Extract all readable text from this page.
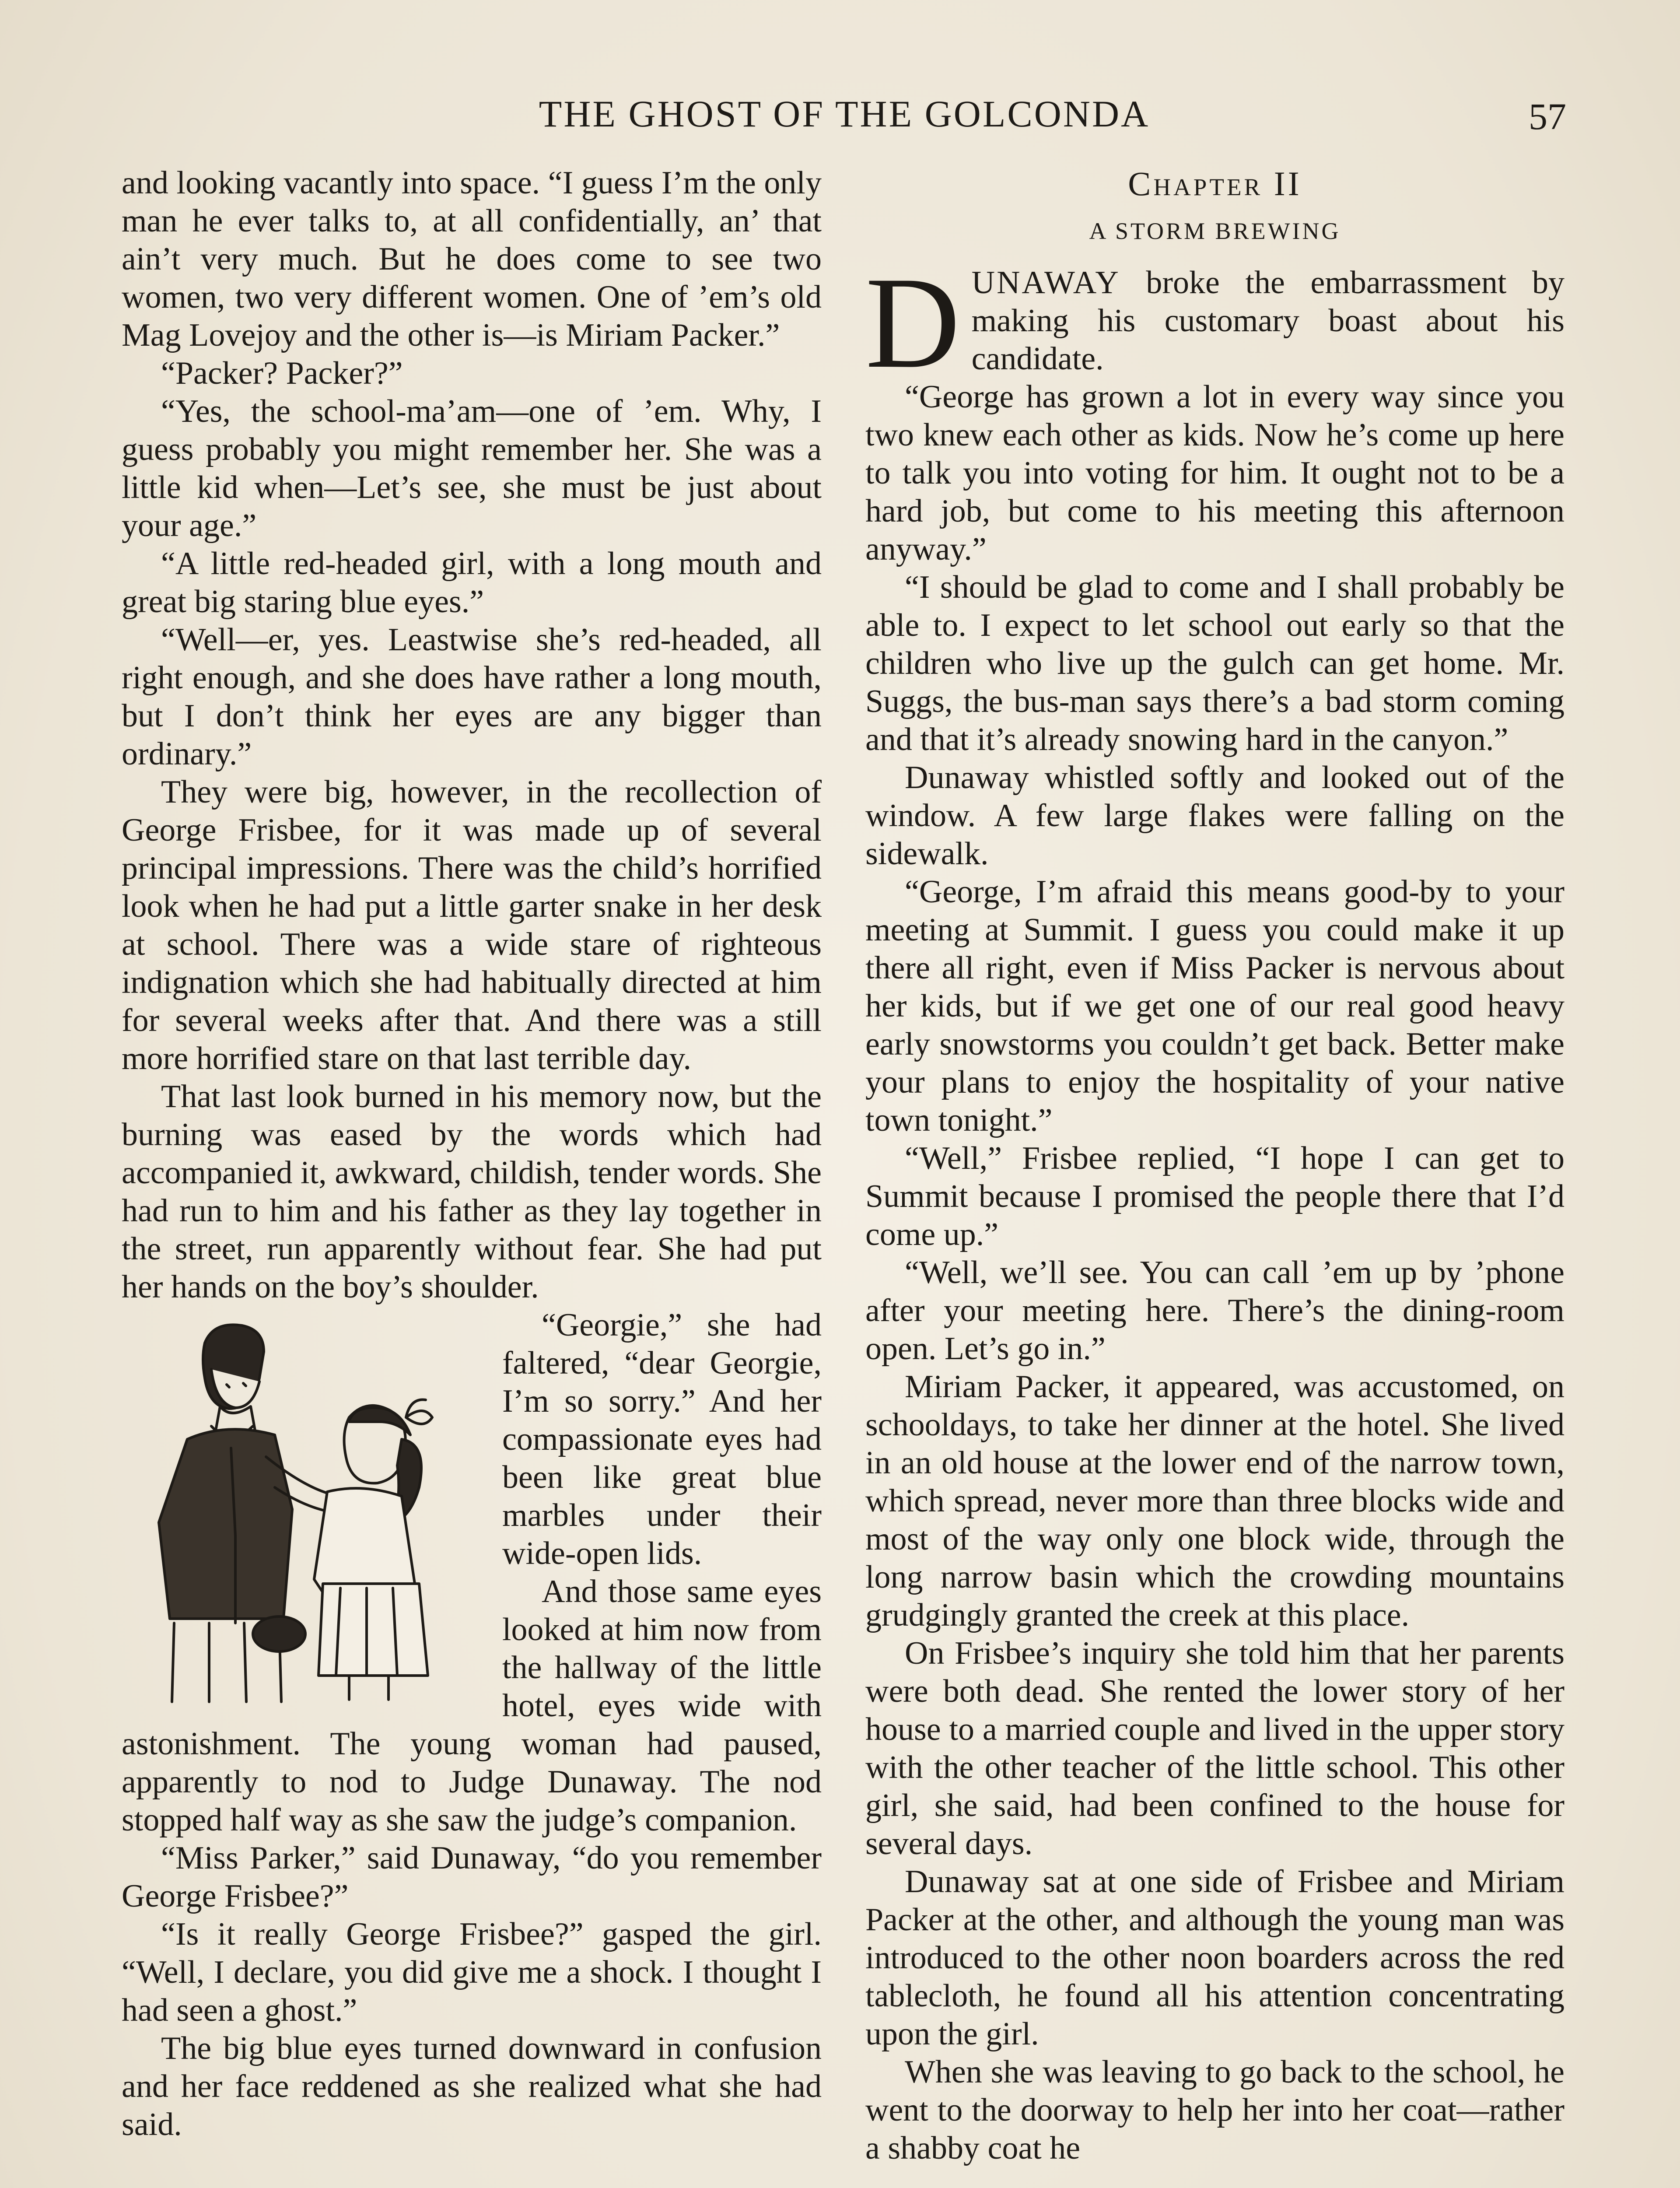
THE GHOST OF THE GOLCONDA	57

and looking vacantly into space. “I guess I’m the only man he ever talks to, at all confidentially, an’ that ain’t very much. But he does come to see two women, two very different women. One of ’em’s old Mag Lovejoy and the other is—is Miriam Packer.”

“Packer? Packer?”

“Yes, the school-ma’am—one of ’em. Why, I guess probably you might remember her. She was a little kid when—Let’s see, she must be just about your age.”

“A little red-headed girl, with a long mouth and great big staring blue eyes.”

“Well—er, yes. Leastwise she’s red-headed, all right enough, and she does have rather a long mouth, but I don’t think her eyes are any bigger than ordinary.”

They were big, however, in the recollection of George Frisbee, for it was made up of several principal impressions. There was the child’s horrified look when he had put a little garter snake in her desk at school. There was a wide stare of righteous indignation which she had habitually directed at him for several weeks after that. And there was a still more horrified stare on that last terrible day.

That last look burned in his memory now, but the burning was eased by the words which had accompanied it, awkward, childish, tender words. She had run to him and his father as they lay together in the street, run apparently without fear. She had put her hands on the boy’s shoulder.

“Georgie,” she had faltered, “dear Georgie, I’m so sorry.” And her compassionate eyes had been like great blue marbles under their wide-open lids.

And those same eyes looked at him now from the hallway of the little hotel, eyes wide with astonishment. The young woman had paused, apparently to nod to Judge Dunaway. The nod stopped half way as she saw the judge’s companion.

“Miss Parker,” said Dunaway, “do you remember George Frisbee?”

“Is it really George Frisbee?” gasped the girl. “Well, I declare, you did give me a shock. I thought I had seen a ghost.”

The big blue eyes turned downward in confusion and her face reddened as she realized what she had said.

Chapter II
A STORM BREWING

DUNAWAY broke the embarrassment by making his customary boast about his candidate.

“George has grown a lot in every way since you two knew each other as kids. Now he’s come up here to talk you into voting for him. It ought not to be a hard job, but come to his meeting this afternoon anyway.”

“I should be glad to come and I shall probably be able to. I expect to let school out early so that the children who live up the gulch can get home. Mr. Suggs, the bus-man says there’s a bad storm coming and that it’s already snowing hard in the canyon.”

Dunaway whistled softly and looked out of the window. A few large flakes were falling on the sidewalk.

“George, I’m afraid this means good-by to your meeting at Summit. I guess you could make it up there all right, even if Miss Packer is nervous about her kids, but if we get one of our real good heavy early snowstorms you couldn’t get back. Better make your plans to enjoy the hospitality of your native town tonight.”

“Well,” Frisbee replied, “I hope I can get to Summit because I promised the people there that I’d come up.”

“Well, we’ll see. You can call ’em up by ’phone after your meeting here. There’s the dining-room open. Let’s go in.”

Miriam Packer, it appeared, was accustomed, on schooldays, to take her dinner at the hotel. She lived in an old house at the lower end of the narrow town, which spread, never more than three blocks wide and most of the way only one block wide, through the long narrow basin which the crowding mountains grudgingly granted the creek at this place.

On Frisbee’s inquiry she told him that her parents were both dead. She rented the lower story of her house to a married couple and lived in the upper story with the other teacher of the little school. This other girl, she said, had been confined to the house for several days.

Dunaway sat at one side of Frisbee and Miriam Packer at the other, and although the young man was introduced to the other noon boarders across the red tablecloth, he found all his attention concentrating upon the girl.

When she was leaving to go back to the school, he went to the doorway to help her into her coat—rather a shabby coat he
